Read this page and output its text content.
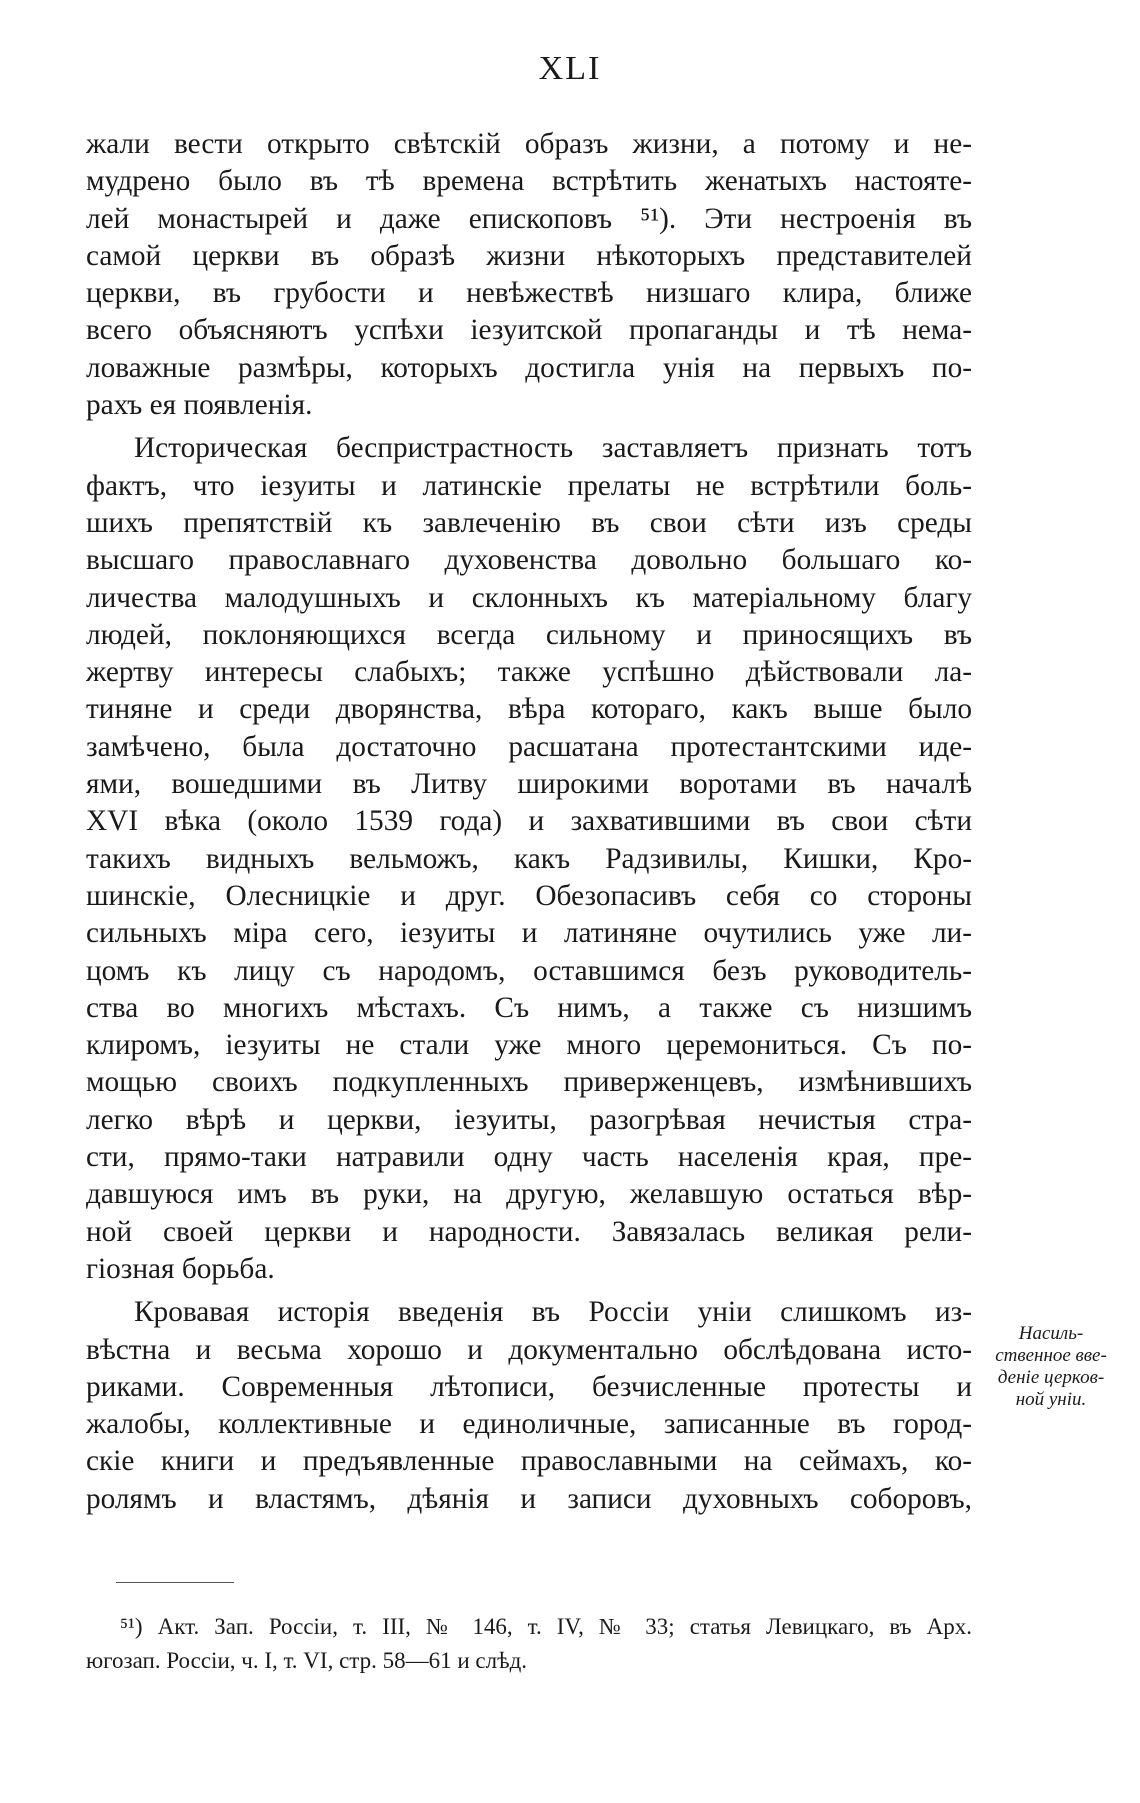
XLI
жали вести открыто свѣтскій образъ жизни, а потому и не-
мудрено было въ тѣ времена встрѣтить женатыхъ настояте-
лей монастырей и даже епископовъ ⁵¹). Эти нестроенія въ
самой церкви въ образѣ жизни нѣкоторыхъ представителей
церкви, въ грубости и невѣжествѣ низшаго клира, ближе
всего объясняютъ успѣхи іезуитской пропаганды и тѣ нема-
ловажные размѣры, которыхъ достигла унія на первыхъ по-
рахъ ея появленія.
Историческая беспристрастность заставляетъ признать тотъ
фактъ, что іезуиты и латинскіе прелаты не встрѣтили боль-
шихъ препятствій къ завлеченію въ свои сѣти изъ среды
высшаго православнаго духовенства довольно большаго ко-
личества малодушныхъ и склонныхъ къ матеріальному благу
людей, поклоняющихся всегда сильному и приносящихъ въ
жертву интересы слабыхъ; также успѣшно дѣйствовали ла-
тиняне и среди дворянства, вѣра котораго, какъ выше было
замѣчено, была достаточно расшатана протестантскими иде-
ями, вошедшими въ Литву широкими воротами въ началѣ
XVI вѣка (около 1539 года) и захватившими въ свои сѣти
такихъ видныхъ вельможъ, какъ Радзивилы, Кишки, Кро-
шинскіе, Олесницкіе и друг. Обезопасивъ себя со стороны
сильныхъ міра сего, іезуиты и латиняне очутились уже ли-
цомъ къ лицу съ народомъ, оставшимся безъ руководитель-
ства во многихъ мѣстахъ. Съ нимъ, а также съ низшимъ
клиромъ, іезуиты не стали уже много церемониться. Съ по-
мощью своихъ подкупленныхъ приверженцевъ, измѣнившихъ
легко вѣрѣ и церкви, іезуиты, разогрѣвая нечистыя стра-
сти, прямо-таки натравили одну часть населенія края, пре-
давшуюся имъ въ руки, на другую, желавшую остаться вѣр-
ной своей церкви и народности. Завязалась великая рели-
гіозная борьба.
Кровавая исторія введенія въ Россіи уніи слишкомъ из-
вѣстна и весьма хорошо и документально обслѣдована исто-
риками. Современныя лѣтописи, безчисленные протесты и
жалобы, коллективные и единоличные, записанные въ город-
скіе книги и предъявленные православными на сеймахъ, ко-
ролямъ и властямъ, дѣянія и записи духовныхъ соборовъ,
Насиль-
ственное вве-
деніе церков-
ной уніи.
⁵¹) Акт. Зап. Россіи, т. III, № 146, т. IV, № 33; статья Левицкаго, въ Арх.
югозап. Россіи, ч. I, т. VI, стр. 58—61 и слѣд.
